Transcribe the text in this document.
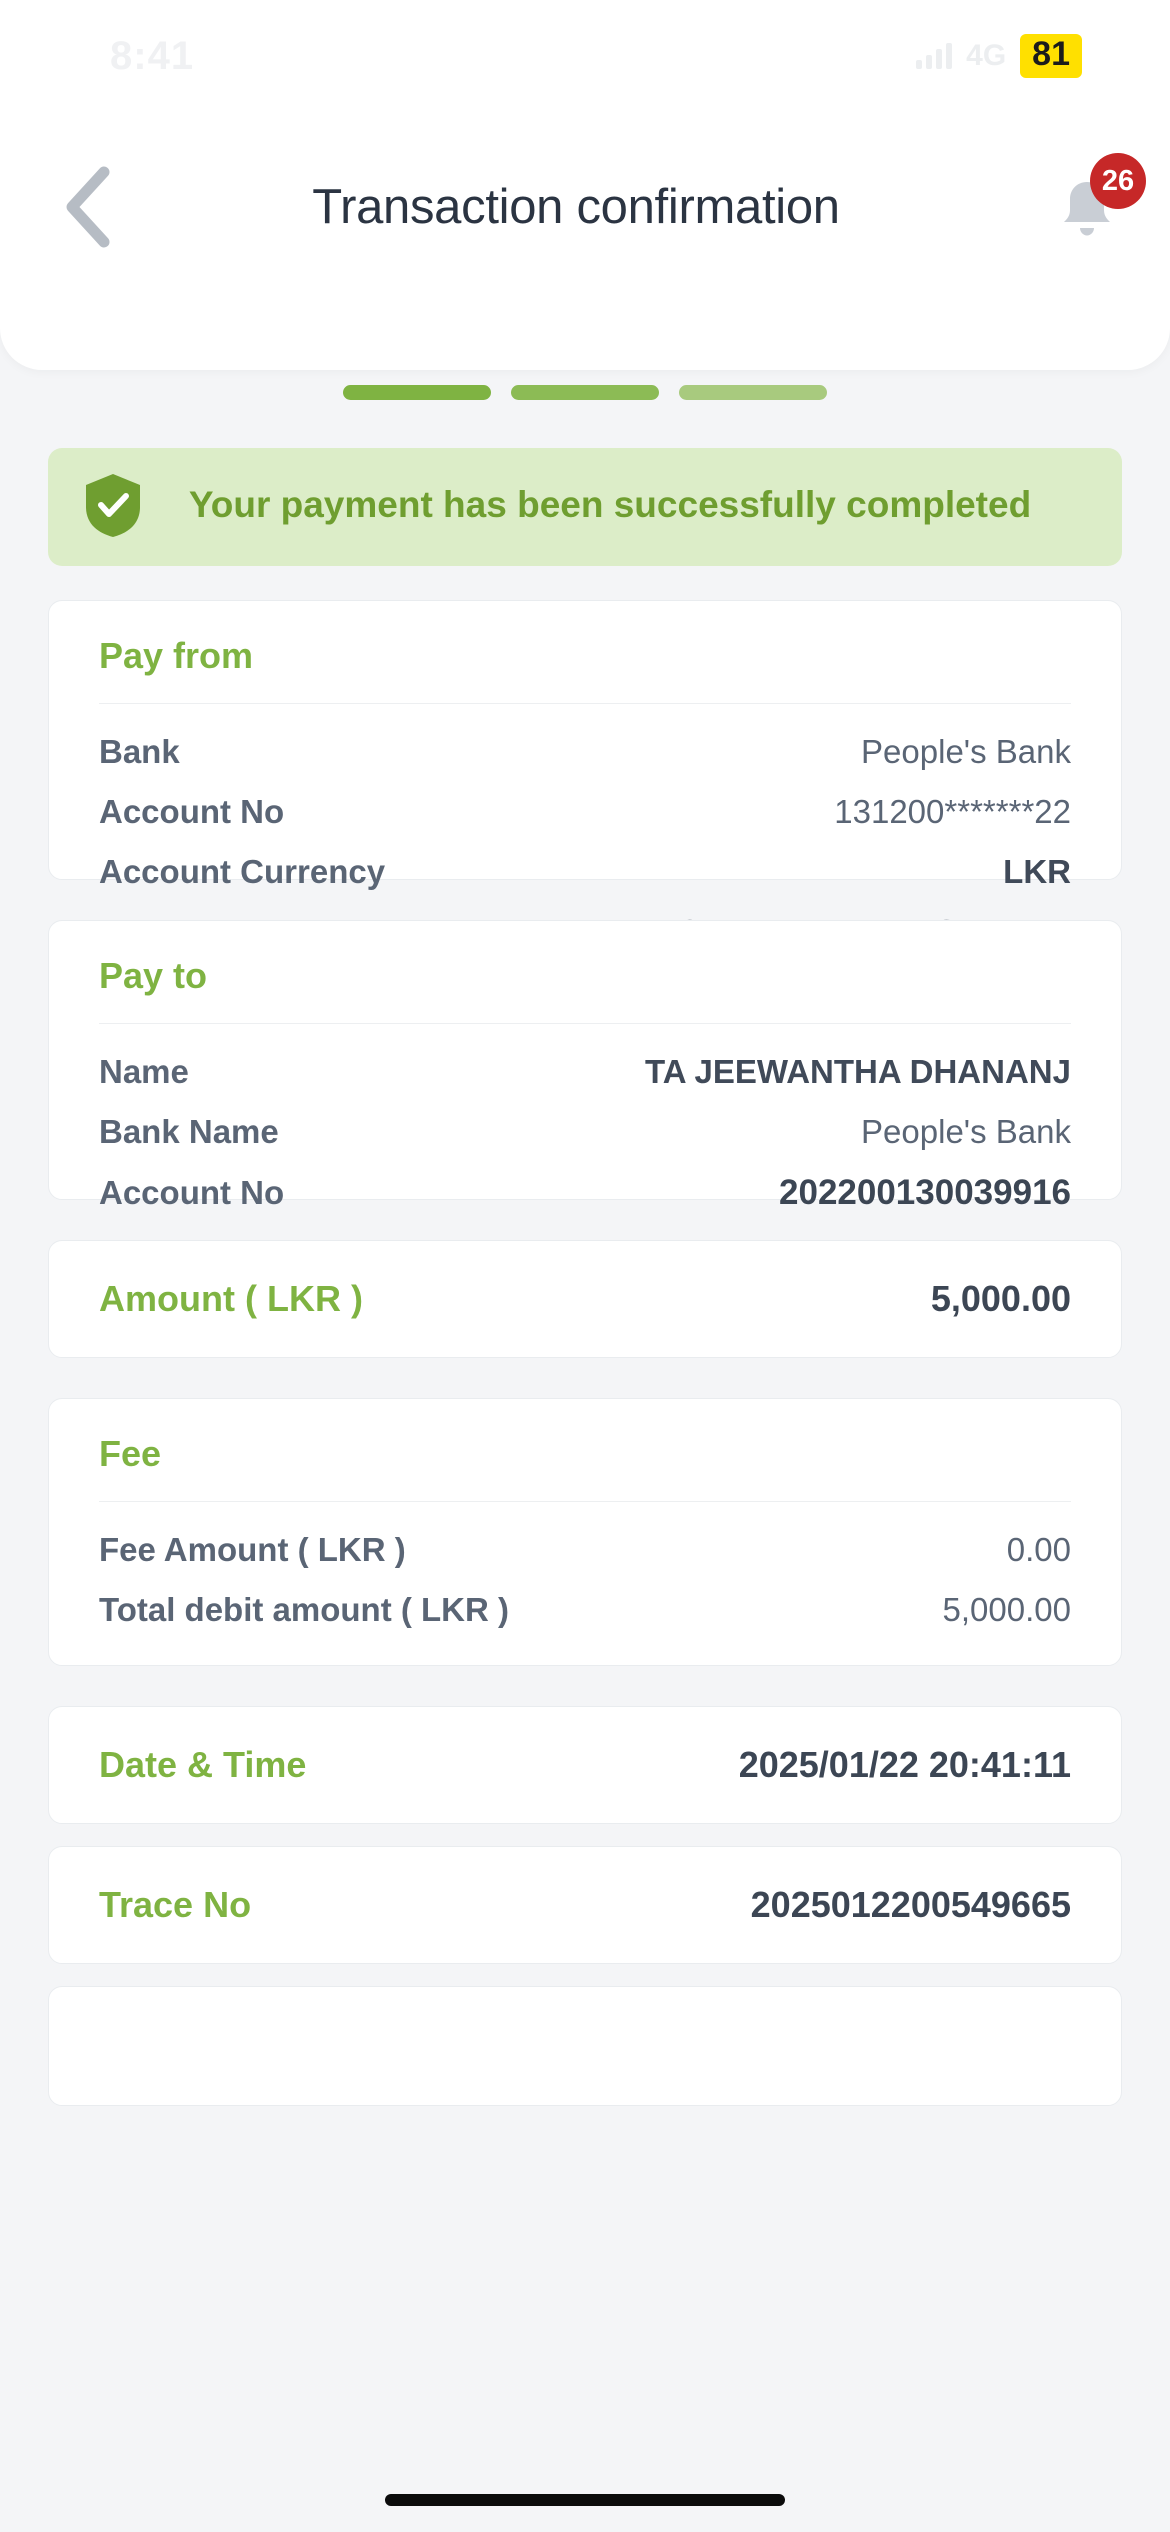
8:41	4G 81
Transaction confirmation	26
Your payment has been successfully completed
Pay from
Bank	People's Bank
Account No	131200*******22
Account Currency	LKR
Pay to
Name	TA JEEWANTHA DHANANJ
Bank Name	People's Bank
Account No	202200130039916
Amount ( LKR )	5,000.00
Fee
Fee Amount ( LKR )	0.00
Total debit amount ( LKR )	5,000.00
Date & Time	2025/01/22 20:41:11
Trace No	2025012200549665
